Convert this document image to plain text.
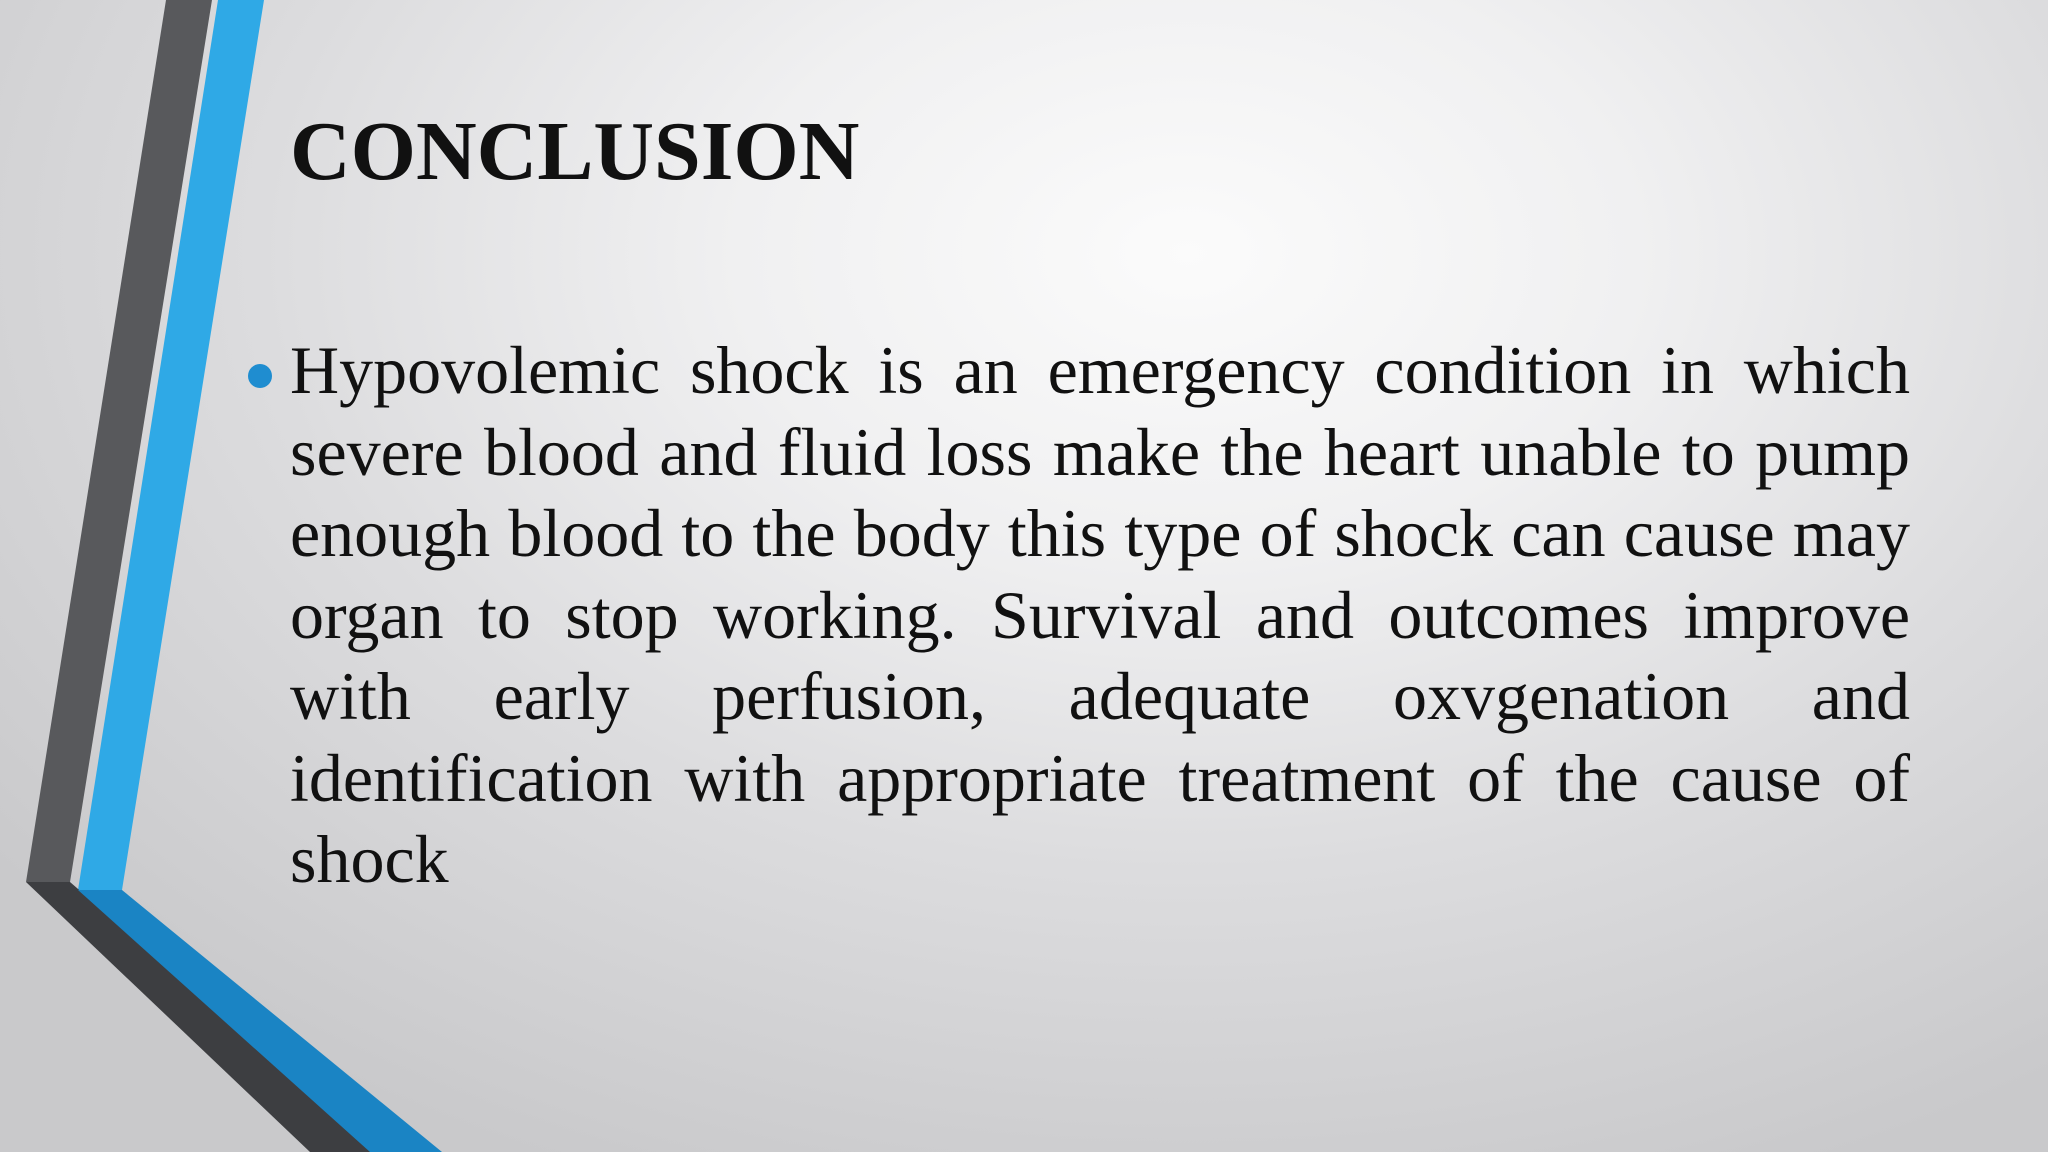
CONCLUSION
Hypovolemic shock is an emergency condition in which severe blood and fluid loss make the heart unable to pump enough blood to the body this type of shock can cause may organ to stop working. Survival and outcomes improve with early perfusion, adequate oxvgenation and identification with appropriate treatment of the cause of shock
